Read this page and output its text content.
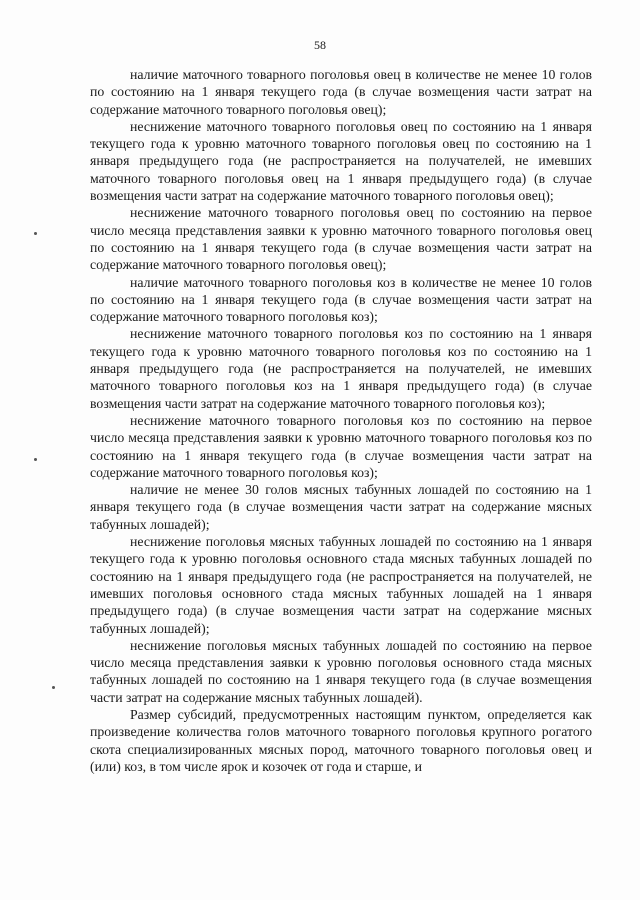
58

наличие маточного товарного поголовья овец в количестве не менее 10 голов по состоянию на 1 января текущего года (в случае возмещения части затрат на содержание маточного товарного поголовья овец);

неснижение маточного товарного поголовья овец по состоянию на 1 января текущего года к уровню маточного товарного поголовья овец по состоянию на 1 января предыдущего года (не распространяется на получателей, не имевших маточного товарного поголовья овец на 1 января предыдущего года) (в случае возмещения части затрат на содержание маточного товарного поголовья овец);

неснижение маточного товарного поголовья овец по состоянию на первое число месяца представления заявки к уровню маточного товарного поголовья овец по состоянию на 1 января текущего года (в случае возмещения части затрат на содержание маточного товарного поголовья овец);

наличие маточного товарного поголовья коз в количестве не менее 10 голов по состоянию на 1 января текущего года (в случае возмещения части затрат на содержание маточного товарного поголовья коз);

неснижение маточного товарного поголовья коз по состоянию на 1 января текущего года к уровню маточного товарного поголовья коз по состоянию на 1 января предыдущего года (не распространяется на получателей, не имевших маточного товарного поголовья коз на 1 января предыдущего года) (в случае возмещения части затрат на содержание маточного товарного поголовья коз);

неснижение маточного товарного поголовья коз по состоянию на первое число месяца представления заявки к уровню маточного товарного поголовья коз по состоянию на 1 января текущего года (в случае возмещения части затрат на содержание маточного товарного поголовья коз);

наличие не менее 30 голов мясных табунных лошадей по состоянию на 1 января текущего года (в случае возмещения части затрат на содержание мясных табунных лошадей);

неснижение поголовья мясных табунных лошадей по состоянию на 1 января текущего года к уровню поголовья основного стада мясных табунных лошадей по состоянию на 1 января предыдущего года (не распространяется на получателей, не имевших поголовья основного стада мясных табунных лошадей на 1 января предыдущего года) (в случае возмещения части затрат на содержание мясных табунных лошадей);

неснижение поголовья мясных табунных лошадей по состоянию на первое число месяца представления заявки к уровню поголовья основного стада мясных табунных лошадей по состоянию на 1 января текущего года (в случае возмещения части затрат на содержание мясных табунных лошадей).

Размер субсидий, предусмотренных настоящим пунктом, определяется как произведение количества голов маточного товарного поголовья крупного рогатого скота специализированных мясных пород, маточного товарного поголовья овец и (или) коз, в том числе ярок и козочек от года и старше, и
